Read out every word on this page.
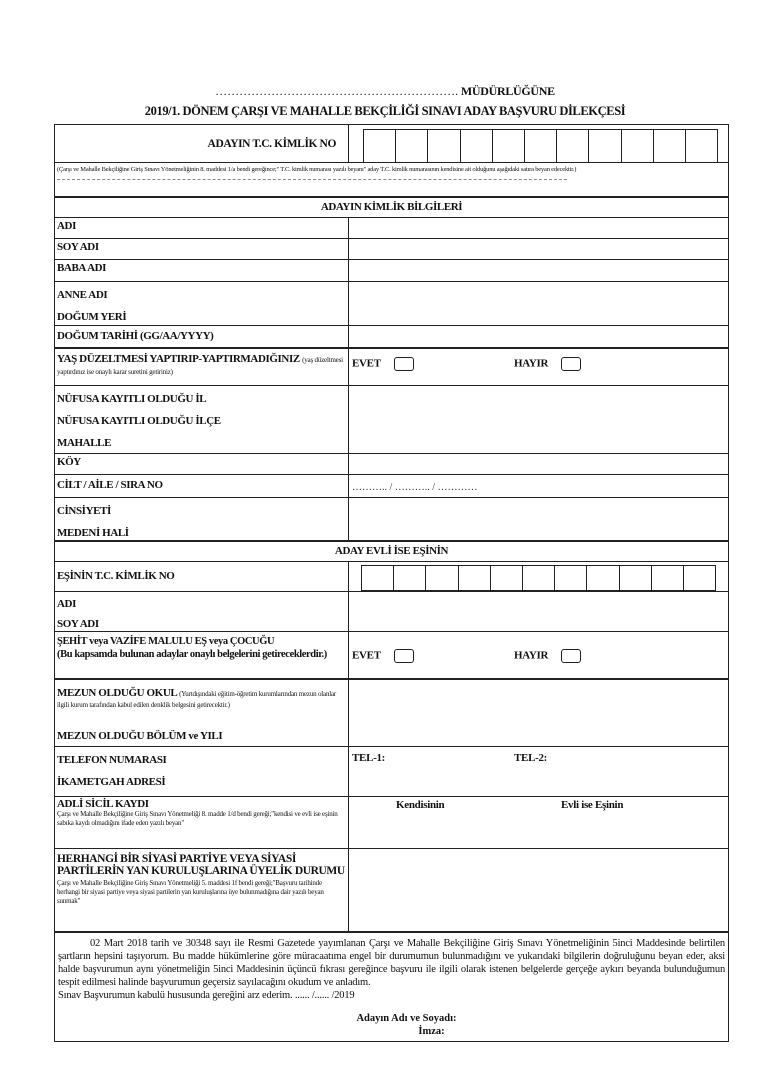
……………………………………………………. MÜDÜRLÜĞÜNE
2019/1. DÖNEM ÇARŞI VE MAHALLE BEKÇİLİĞİ SINAVI ADAY BAŞVURU DİLEKÇESİ
ADAYIN T.C. KİMLİK NO
(Çarşı ve Mahalle Bekçiliğine Giriş Sınavı Yönetmeliğinin 8. maddesi 1/a bendi gereğince;" T.C. kimlik numarası yazılı beyanı" aday T.C. kimlik numarasının kendisine ait olduğunu aşağıdaki satıra beyan edecektir.)
ADAYIN KİMLİK BİLGİLERİ
ADI
SOY ADI
BABA ADI
ANNE ADI
DOĞUM YERİ
DOĞUM TARİHİ (GG/AA/YYYY)
YAŞ DÜZELTMESİ YAPTIRIP-YAPTIRMADIĞINIZ (yaş düzeltmesi yaptırdınız ise onaylı karar suretini getiriniz)
EVET	HAYIR
NÜFUSA KAYITLI OLDUĞU İL
NÜFUSA KAYITLI OLDUĞU İLÇE
MAHALLE
KÖY
CİLT / AİLE / SIRA NO	……….. / ……….. / …………
CİNSİYETİ
MEDENİ HALİ
ADAY EVLİ İSE EŞİNİN
EŞİNİN T.C. KİMLİK NO
ADI
SOY ADI
ŞEHİT veya VAZİFE MALULU EŞ veya ÇOCUĞU
(Bu kapsamda bulunan adaylar onaylı belgelerini getireceklerdir.)	EVET	HAYIR
MEZUN OLDUĞU OKUL (Yurtdışındaki eğitim-öğretim kurumlarından mezun olanlar ilgili kurum tarafından kabul edilen denklik belgesini getirecektir.)
MEZUN OLDUĞU BÖLÜM ve YILI
TELEFON NUMARASI
İKAMETGAH ADRESİ
TEL-1:	TEL-2:
ADLİ SİCİL KAYDI
Çarşı ve Mahalle Bekçiliğine Giriş Sınavı Yönetmeliği 8. madde 1/d bendi gereği;"kendisi ve evli ise eşinin sabıka kaydı olmadığını ifade eden yazılı beyan"
Kendisinin	Evli ise Eşinin
HERHANGİ BİR SİYASİ PARTİYE VEYA SİYASİ PARTİLERİN YAN KURULUŞLARINA ÜYELİK DURUMU
Çarşı ve Mahalle Bekçiliğine Giriş Sınavı Yönetmeliği 5. maddesi 1f bendi gereği;"Başvuru tarihinde herhangi bir siyasi partiye veya siyasi partilerin yan kuruluşlarına üye bulunmadığına dair yazılı beyan sunmak"

02 Mart 2018 tarih ve 30348 sayı ile Resmi Gazetede yayımlanan Çarşı ve Mahalle Bekçiliğine Giriş Sınavı Yönetmeliğinin 5inci Maddesinde belirtilen şartların hepsini taşıyorum. Bu madde hükümlerine göre müracaatıma engel bir durumumun bulunmadığını ve yukarıdaki bilgilerin doğruluğunu beyan eder, aksi halde başvurumun aynı yönetmeliğin 5inci Maddesinin üçüncü fıkrası gereğince başvuru ile ilgili olarak istenen belgelerde gerçeğe aykırı beyanda bulunduğumun tespit edilmesi halinde başvurumun geçersiz sayılacağını okudum ve anladım.

Sınav Başvurumun kabulü hususunda gereğini arz ederim. ...... /...... /2019
Adayın Adı ve Soyadı:
İmza:
